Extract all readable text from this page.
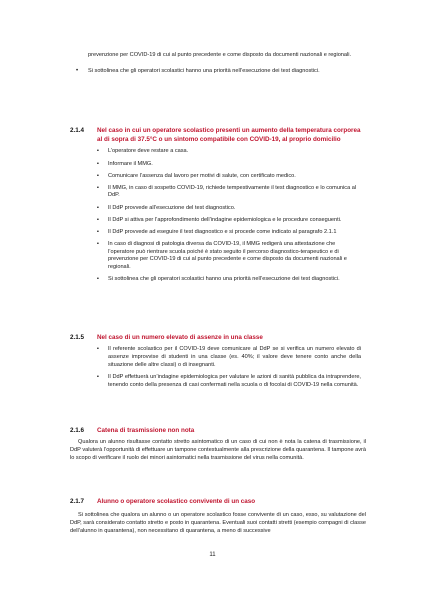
prevenzione per COVID-19 di cui al punto precedente e come disposto da documenti nazionali e regionali.
• Si sottolinea che gli operatori scolastici hanno una priorità nell’esecuzione dei test diagnostici.
2.1.4	Nel caso in cui un operatore scolastico presenti un aumento della temperatura corporea al di sopra di 37.5°C o un sintomo compatibile con COVID-19, al proprio domicilio
▪ L’operatore deve restare a casa.
▪ Informare il MMG.
▪ Comunicare l’assenza dal lavoro per motivi di salute, con certificato medico.
▪ Il MMG, in caso di sospetto COVID-19, richiede tempestivamente il test diagnostico e lo comunica al DdP.
▪ Il DdP provvede all’esecuzione del test diagnostico.
▪ Il DdP si attiva per l’approfondimento dell’indagine epidemiologica e le procedure conseguenti.
▪ Il DdP provvede ad eseguire il test diagnostico e si procede come indicato al paragrafo 2.1.1
▪ In caso di diagnosi di patologia diversa da COVID-19, il MMG redigerà una attestazione che l’operatore può rientrare scuola poiché è stato seguito il percorso diagnostico-terapeutico e di prevenzione per COVID-19 di cui al punto precedente e come disposto da documenti nazionali e regionali.
▪ Si sottolinea che gli operatori scolastici hanno una priorità nell’esecuzione dei test diagnostici.
2.1.5	Nel caso di un numero elevato di assenze in una classe
▪ Il referente scolastico per il COVID-19 deve comunicare al DdP se si verifica un numero elevato di assenze improvvise di studenti in una classe (es. 40%; il valore deve tenere conto anche della situazione delle altre classi) o di insegnanti.
▪ Il DdP effettuerà un’indagine epidemiologica per valutare le azioni di sanità pubblica da intraprendere, tenendo conto della presenza di casi confermati nella scuola o di focolai di COVID-19 nella comunità.
2.1.6	Catena di trasmissione non nota
Qualora un alunno risultasse contatto stretto asintomatico di un caso di cui non è nota la catena di trasmissione, il DdP valuterà l’opportunità di effettuare un tampone contestualmente alla prescrizione della quarantena. Il tampone avrà lo scopo di verificare il ruolo dei minori asintomatici nella trasmissione del virus nella comunità.
2.1.7	Alunno o operatore scolastico convivente di un caso
Si sottolinea che qualora un alunno o un operatore scolastico fosse convivente di un caso, esso, su valutazione del DdP, sarà considerato contatto stretto e posto in quarantena. Eventuali suoi contatti stretti (esempio compagni di classe dell’alunno in quarantena), non necessitano di quarantena, a meno di successive
11
